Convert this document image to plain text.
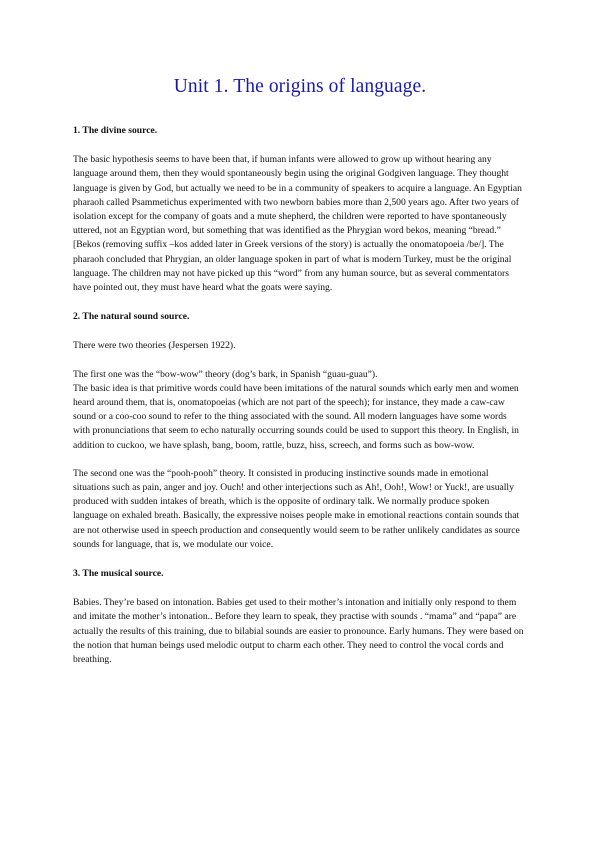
Unit 1. The origins of language.

1. The divine source.

The basic hypothesis seems to have been that, if human infants were allowed to grow up without hearing any language around them, then they would spontaneously begin using the original Godgiven language. They thought language is given by God, but actually we need to be in a community of speakers to acquire a language. An Egyptian pharaoh called Psammetichus experimented with two newborn babies more than 2,500 years ago. After two years of isolation except for the company of goats and a mute shepherd, the children were reported to have spontaneously uttered, not an Egyptian word, but something that was identified as the Phrygian word bekos, meaning “bread.” [Bekos (removing suffix –kos added later in Greek versions of the story) is actually the onomatopoeia /be/]. The pharaoh concluded that Phrygian, an older language spoken in part of what is modern Turkey, must be the original language. The children may not have picked up this “word” from any human source, but as several commentators have pointed out, they must have heard what the goats were saying.

2. The natural sound source.

There were two theories (Jespersen 1922).

The first one was the “bow-wow” theory (dog’s bark, in Spanish “guau-guau”).

The basic idea is that primitive words could have been imitations of the natural sounds which early men and women heard around them, that is, onomatopoeias (which are not part of the speech); for instance, they made a caw-caw sound or a coo-coo sound to refer to the thing associated with the sound. All modern languages have some words with pronunciations that seem to echo naturally occurring sounds could be used to support this theory. In English, in addition to cuckoo, we have splash, bang, boom, rattle, buzz, hiss, screech, and forms such as bow-wow.

The second one was the “pooh-pooh” theory. It consisted in producing instinctive sounds made in emotional situations such as pain, anger and joy. Ouch! and other interjections such as Ah!, Ooh!, Wow! or Yuck!, are usually produced with sudden intakes of breath, which is the opposite of ordinary talk. We normally produce spoken language on exhaled breath. Basically, the expressive noises people make in emotional reactions contain sounds that are not otherwise used in speech production and consequently would seem to be rather unlikely candidates as source sounds for language, that is, we modulate our voice.

3. The musical source.

Babies. They’re based on intonation. Babies get used to their mother’s intonation and initially only respond to them and imitate the mother’s intonation.. Before they learn to speak, they practise with sounds . “mama” and “papa” are actually the results of this training, due to bilabial sounds are easier to pronounce. Early humans. They were based on the notion that human beings used melodic output to charm each other. They need to control the vocal cords and breathing.
